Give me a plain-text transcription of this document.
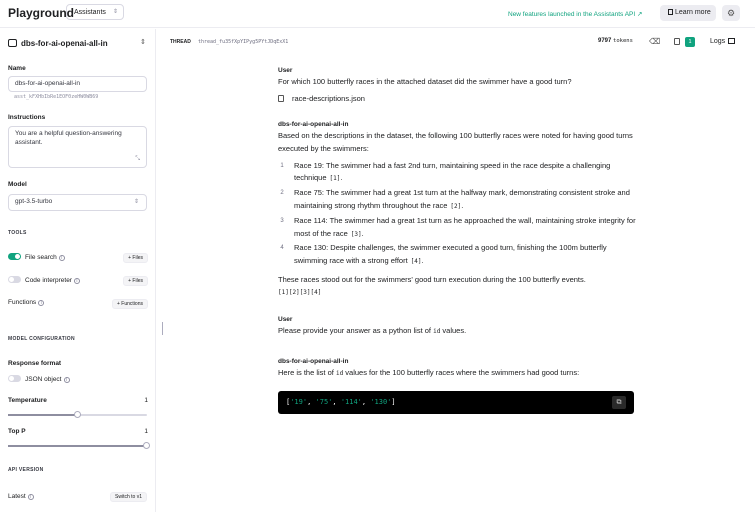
Playground Assistants ⇕	New features launched in the Assistants API ↗	Learn more	⚙
dbs-for-ai-openai-all-in	⇕
Name
dbs-for-ai-openai-all-in
asst_kFXHbIbRe1EOF0zeHW0WB69
Instructions
You are a helpful question-answering assistant.
⤡
Model
gpt-3.5-turbo	⇕
TOOLS
File search i	+ Files
Code interpreter i	+ Files
Functions i	+ Functions
MODEL CONFIGURATION
Response format
JSON object i
Temperature	1
Top P	1
API VERSION
Latest i	Switch to v1
THREAD thread_fu35fXpYIPyg5PYtJDqExX1	9797 tokens ⌫	1	Logs
User
For which 100 butterfly races in the attached dataset did the swimmer have a good turn?
race-descriptions.json
dbs-for-ai-openai-all-in
Based on the descriptions in the dataset, the following 100 butterfly races were noted for having good turns executed by the swimmers:
1	Race 19: The swimmer had a fast 2nd turn, maintaining speed in the race despite a challenging technique [1].
2	Race 75: The swimmer had a great 1st turn at the halfway mark, demonstrating consistent stroke and maintaining strong rhythm throughout the race [2].
3	Race 114: The swimmer had a great 1st turn as he approached the wall, maintaining stroke integrity for most of the race [3].
4	Race 130: Despite challenges, the swimmer executed a good turn, finishing the 100m butterfly swimming race with a strong effort [4].
These races stood out for the swimmers' good turn execution during the 100 butterfly events.
[1][2][3][4]
User
Please provide your answer as a python list of id values.
dbs-for-ai-openai-all-in
Here is the list of id values for the 100 butterfly races where the swimmers had good turns:
['19', '75', '114', '130']	⧉
